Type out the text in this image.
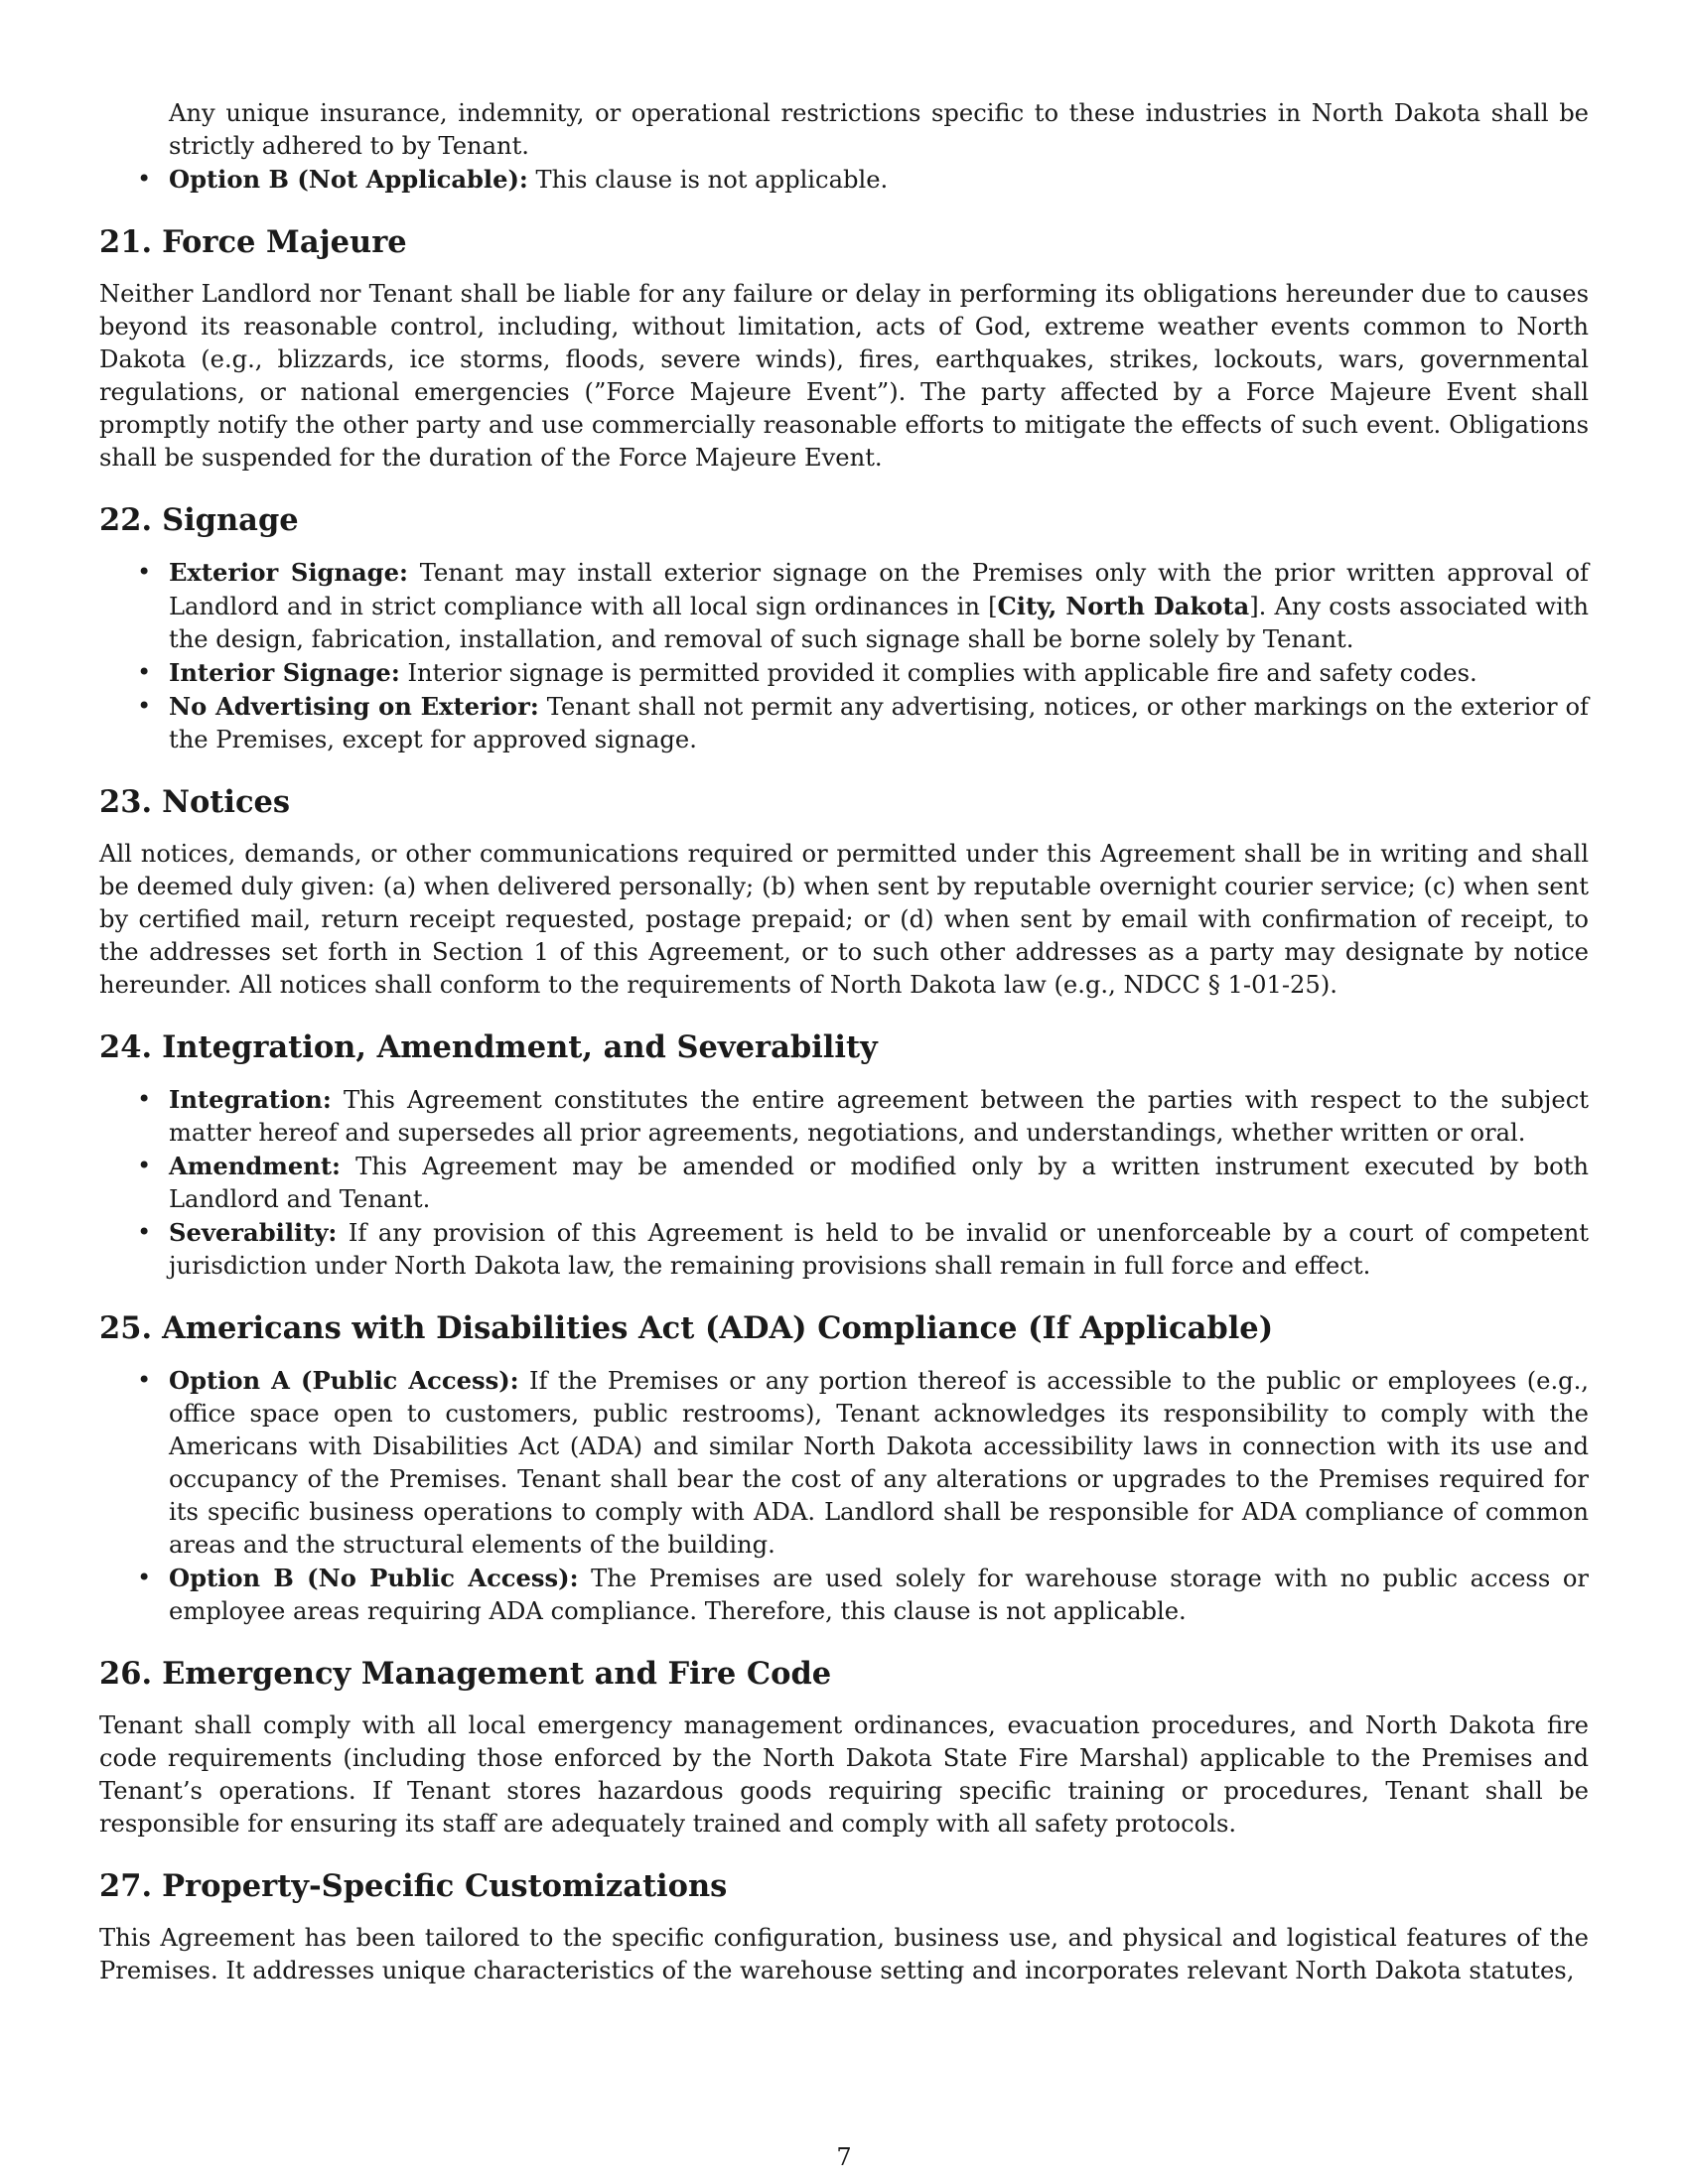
Any unique insurance, indemnity, or operational restrictions specific to these industries in North Dakota shall be strictly adhered to by Tenant.

• Option B (Not Applicable): This clause is not applicable.
21. Force Majeure

Neither Landlord nor Tenant shall be liable for any failure or delay in performing its obligations hereunder due to causes beyond its reasonable control, including, without limitation, acts of God, extreme weather events common to North Dakota (e.g., blizzards, ice storms, floods, severe winds), fires, earthquakes, strikes, lockouts, wars, governmental regulations, or national emergencies (”Force Majeure Event”). The party affected by a Force Majeure Event shall promptly notify the other party and use commercially reasonable efforts to mitigate the effects of such event. Obligations shall be suspended for the duration of the Force Majeure Event.

22. Signage
• Exterior Signage: Tenant may install exterior signage on the Premises only with the prior written approval of Landlord and in strict compliance with all local sign ordinances in [City, North Dakota]. Any costs associated with the design, fabrication, installation, and removal of such signage shall be borne solely by Tenant.
• Interior Signage: Interior signage is permitted provided it complies with applicable fire and safety codes.
• No Advertising on Exterior: Tenant shall not permit any advertising, notices, or other markings on the exterior of the Premises, except for approved signage.
23. Notices

All notices, demands, or other communications required or permitted under this Agreement shall be in writing and shall be deemed duly given: (a) when delivered personally; (b) when sent by reputable overnight courier service; (c) when sent by certified mail, return receipt requested, postage prepaid; or (d) when sent by email with confirmation of receipt, to the addresses set forth in Section 1 of this Agreement, or to such other addresses as a party may designate by notice hereunder. All notices shall conform to the requirements of North Dakota law (e.g., NDCC § 1-01-25).

24. Integration, Amendment, and Severability
• Integration: This Agreement constitutes the entire agreement between the parties with respect to the subject matter hereof and supersedes all prior agreements, negotiations, and understandings, whether written or oral.
• Amendment: This Agreement may be amended or modified only by a written instrument executed by both Landlord and Tenant.
• Severability: If any provision of this Agreement is held to be invalid or unenforceable by a court of competent jurisdiction under North Dakota law, the remaining provisions shall remain in full force and effect.
25. Americans with Disabilities Act (ADA) Compliance (If Applicable)
• Option A (Public Access): If the Premises or any portion thereof is accessible to the public or employees (e.g., office space open to customers, public restrooms), Tenant acknowledges its responsibility to comply with the Americans with Disabilities Act (ADA) and similar North Dakota accessibility laws in connection with its use and occupancy of the Premises. Tenant shall bear the cost of any alterations or upgrades to the Premises required for its specific business operations to comply with ADA. Landlord shall be responsible for ADA compliance of common areas and the structural elements of the building.
• Option B (No Public Access): The Premises are used solely for warehouse storage with no public access or employee areas requiring ADA compliance. Therefore, this clause is not applicable.
26. Emergency Management and Fire Code

Tenant shall comply with all local emergency management ordinances, evacuation procedures, and North Dakota fire code requirements (including those enforced by the North Dakota State Fire Marshal) applicable to the Premises and Tenant’s operations. If Tenant stores hazardous goods requiring specific training or procedures, Tenant shall be responsible for ensuring its staff are adequately trained and comply with all safety protocols.

27. Property-Specific Customizations

This Agreement has been tailored to the specific configuration, business use, and physical and logistical features of the Premises. It addresses unique characteristics of the warehouse setting and incorporates relevant North Dakota statutes,

7
